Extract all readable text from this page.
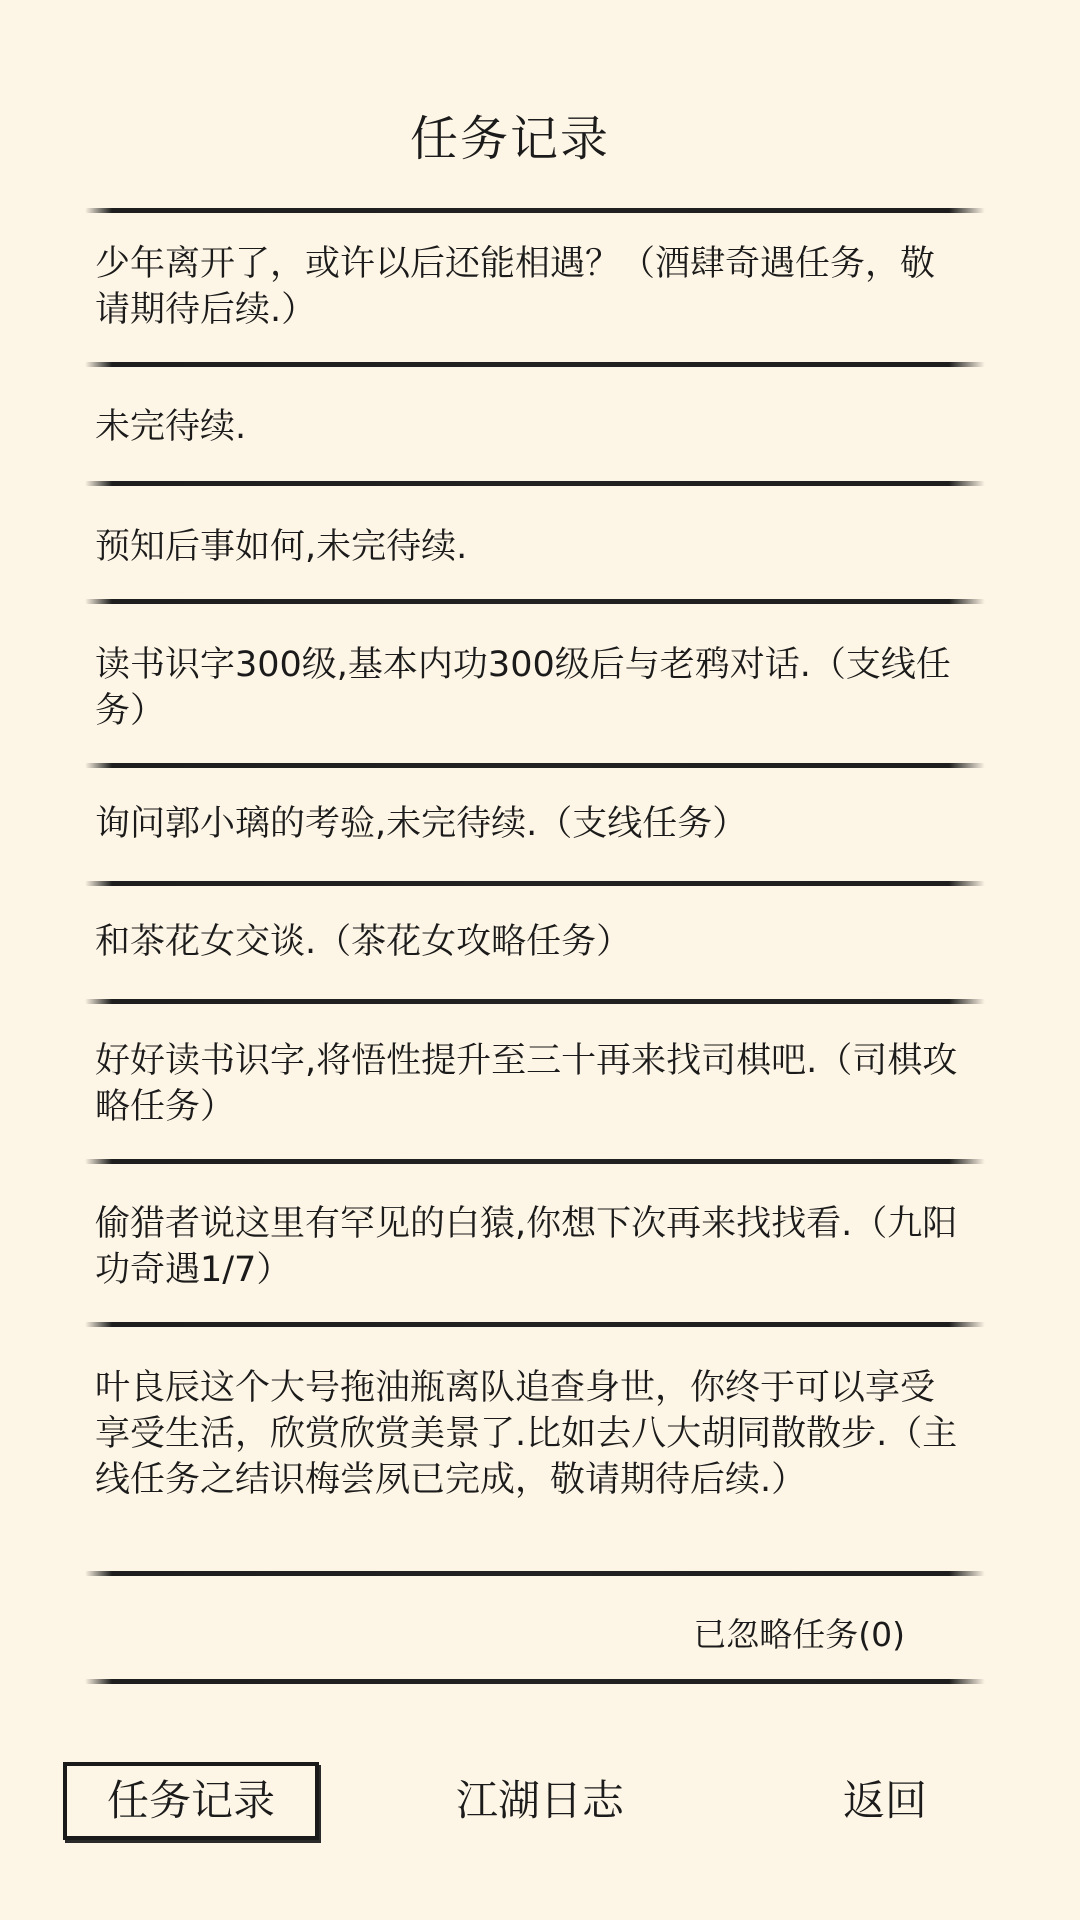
任务记录
少年离开了，或许以后还能相遇？（酒肆奇遇任务，敬请期待后续.）
未完待续.
预知后事如何,未完待续.
读书识字300级,基本内功300级后与老鸦对话.（支线任务）
询问郭小璃的考验,未完待续.（支线任务）
和茶花女交谈.（茶花女攻略任务）
好好读书识字,将悟性提升至三十再来找司棋吧.（司棋攻略任务）
偷猎者说这里有罕见的白猿,你想下次再来找找看.（九阳功奇遇1/7）
叶良辰这个大号拖油瓶离队追查身世，你终于可以享受享受生活，欣赏欣赏美景了.比如去八大胡同散散步.（主线任务之结识梅尝夙已完成，敬请期待后续.）
已忽略任务(0)
任务记录	江湖日志	返回
